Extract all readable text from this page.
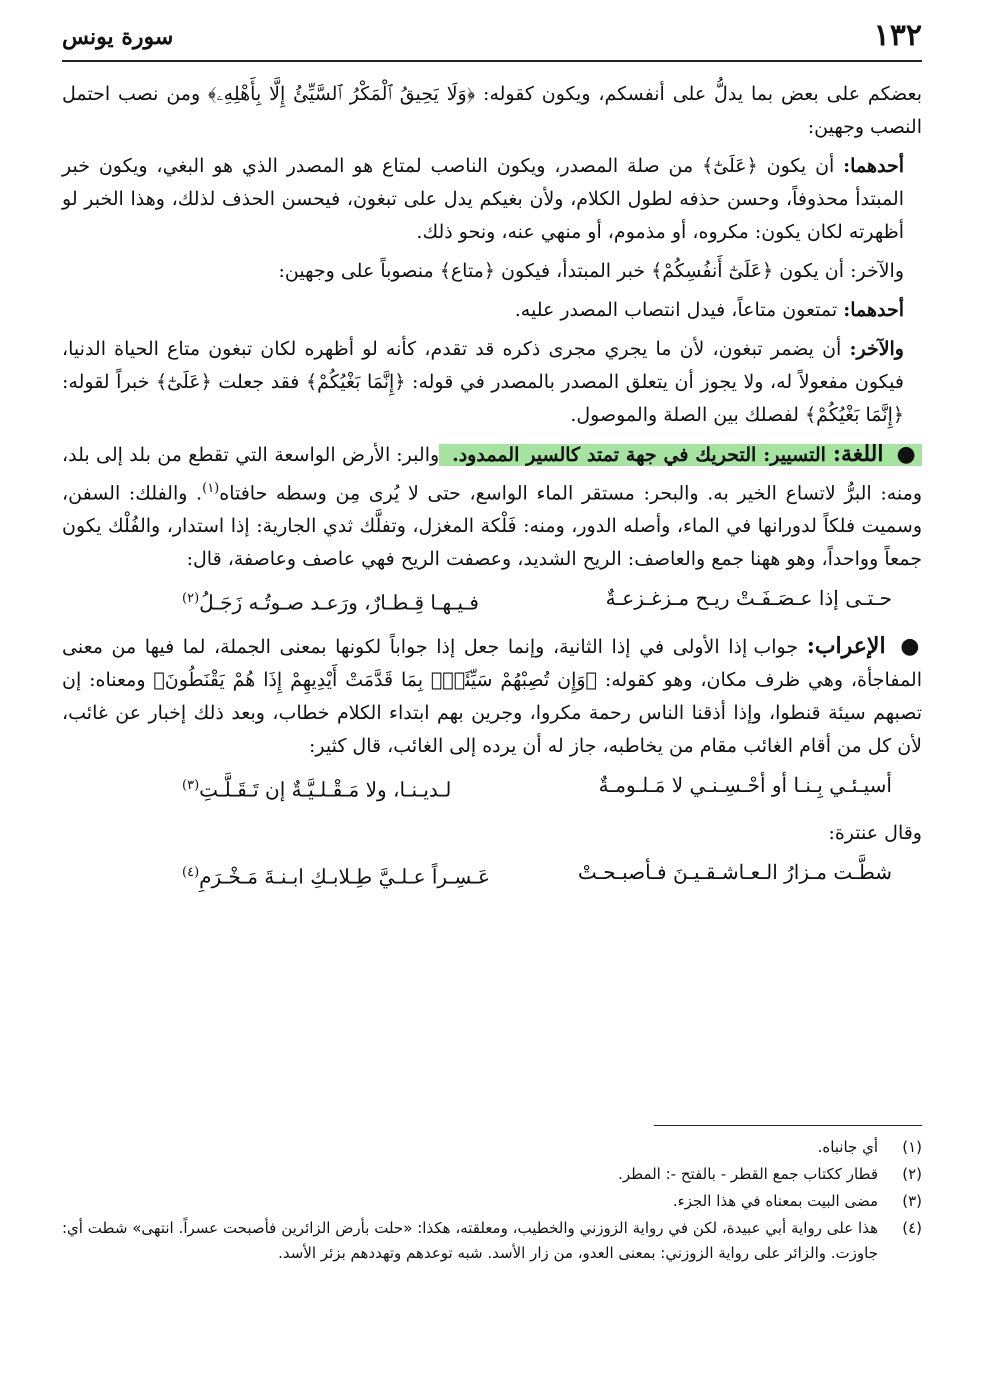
١٣٢
سورة يونس

بعضكم على بعض بما يدلُّ على أنفسكم، ويكون كقوله: ﴿وَلَا يَحِيقُ ٱلْمَكْرُ ٱلسَّيِّئُ إِلَّا بِأَهْلِهِۦ﴾ ومن نصب احتمل النصب وجهين:

أحدهما: أن يكون ﴿عَلَىٰٓ﴾ من صلة المصدر، ويكون الناصب لمتاع هو المصدر الذي هو البغي، ويكون خبر المبتدأ محذوفاً، وحسن حذفه لطول الكلام، ولأن بغيكم يدل على تبغون، فيحسن الحذف لذلك، وهذا الخبر لو أظهرته لكان يكون: مكروه، أو مذموم، أو منهي عنه، ونحو ذلك.

والآخر: أن يكون ﴿عَلَىٰٓ أَنفُسِكُمْ﴾ خبر المبتدأ، فيكون ﴿متاع﴾ منصوباً على وجهين:

أحدهما: تمتعون متاعاً، فيدل انتصاب المصدر عليه.

والآخر: أن يضمر تبغون، لأن ما يجري مجرى ذكره قد تقدم، كأنه لو أظهره لكان تبغون متاع الحياة الدنيا، فيكون مفعولاً له، ولا يجوز أن يتعلق المصدر بالمصدر في قوله: ﴿إِنَّمَا بَغْيُكُمْ﴾ فقد جعلت ﴿عَلَىٰٓ﴾ خبراً لقوله: ﴿إِنَّمَا بَغْيُكُمْ﴾ لفصلك بين الصلة والموصول.

● اللغة: التسيير: التحريك في جهة تمتد كالسير الممدود. والبر: الأرض الواسعة التي تقطع من بلد إلى بلد، ومنه: البرُّ لاتساع الخير به. والبحر: مستقر الماء الواسع، حتى لا يُرى مِن وسطه حافتاه$^{(١)}$. والفلك: السفن، وسميت فلكاً لدورانها في الماء، وأصله الدور، ومنه: فَلْكة المغزل، وتفلَّك ثدي الجارية: إذا استدار، والفُلْك يكون جمعاً وواحداً، وهو ههنا جمع والعاصف: الريح الشديد، وعصفت الريح فهي عاصف وعاصفة، قال:

حـتـى إذا عـصَـفَـتْ ريـح مـزغـزعـةٌ
فـيـهـا قِـطـارٌ، ورَعـد صـوتُـه زَجَـلُ$^{(٢)}$

● الإعراب: جواب إذا الأولى في إذا الثانية، وإنما جعل إذا جواباً لكونها بمعنى الجملة، لما فيها من معنى المفاجأة، وهي ظرف مكان، وهو كقوله: ﴿وَإِن تُصِبْهُمْ سَيِّئَةٌۢ بِمَا قَدَّمَتْ أَيْدِيهِمْ إِذَا هُمْ يَقْنَطُونَ﴾ ومعناه: إن تصبهم سيئة قنطوا، وإذا أذقنا الناس رحمة مكروا، وجرين بهم ابتداء الكلام خطاب، وبعد ذلك إخبار عن غائب، لأن كل من أقام الغائب مقام من يخاطبه، جاز له أن يرده إلى الغائب، قال كثير:

أسيـئـي بِـنـا أو أحْـسِـنـي لا مَـلـومـةٌ
لـديـنـا، ولا مَـقْـلـيَّـةٌ إن تَـقَـلَّـتِ$^{(٣)}$

وقال عنترة:

شطَّـت مـزارُ الـعـاشـقـيـنَ فـأصبـحـتْ
عَـسِـراً عـلـيَّ طِـلابـكِ ابـنـةَ مَـخْـرَمِ$^{(٤)}$
(١)
أي جانباه.
(٢)
قطار ككتاب جمع القطر - بالفتح -: المطر.
(٣)
مضى البيت بمعناه في هذا الجزء.
(٤)
هذا على رواية أبي عبيدة، لكن في رواية الزوزني والخطيب، ومعلقته، هكذا: «حلت بأرض الزائرين فأصبحت عسراً. انتهى» شطت أي: جاوزت. والزائر على رواية الزوزني: بمعنى العدو، من زار الأسد. شبه توعدهم وتهددهم بزئر الأسد.
